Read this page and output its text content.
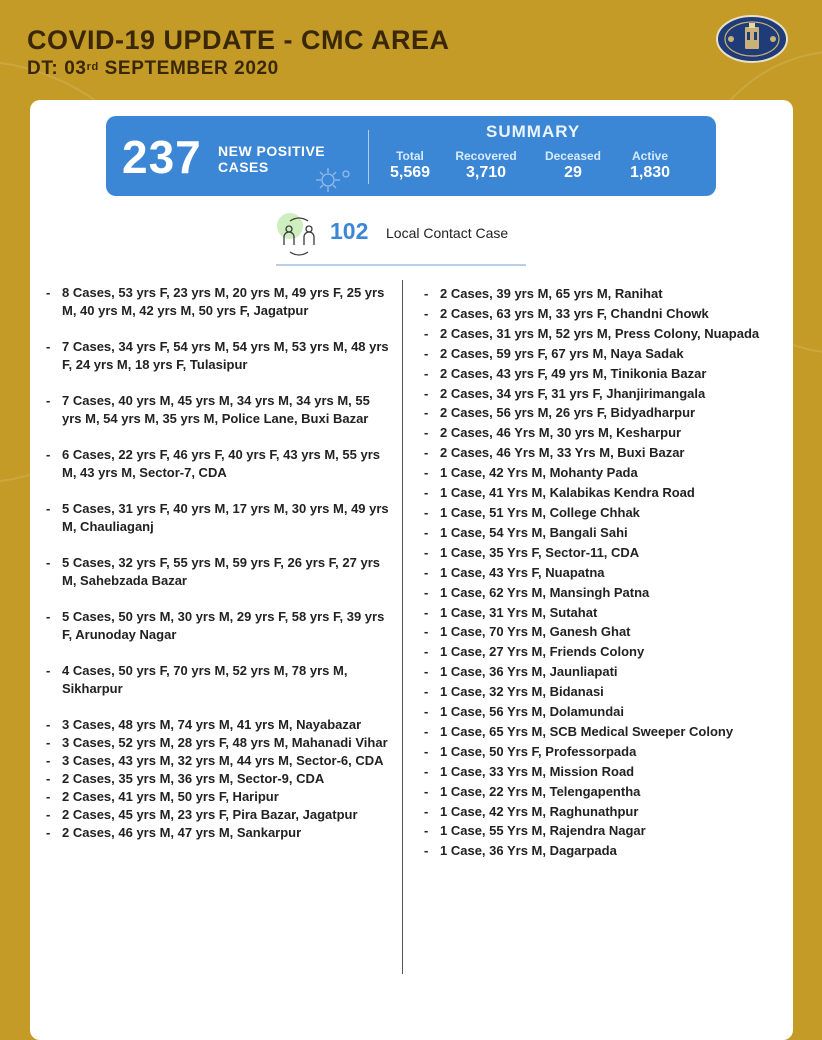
COVID-19 UPDATE - CMC AREA
DT: 03rd SEPTEMBER 2020
237 NEW POSITIVE CASES
SUMMARY
Total
5,569
Recovered
3,710
Deceased
29
Active
1,830
102 Local Contact Case
- 8 Cases, 53 yrs F, 23 yrs M, 20 yrs M, 49 yrs F, 25 yrs M, 40 yrs M, 42 yrs M, 50 yrs F, Jagatpur
- 7 Cases, 34 yrs F, 54 yrs M, 54 yrs M, 53 yrs M, 48 yrs F, 24 yrs M, 18 yrs F, Tulasipur
- 7 Cases, 40 yrs M, 45 yrs M, 34 yrs M, 34 yrs M, 55 yrs M, 54 yrs M, 35 yrs M, Police Lane, Buxi Bazar
- 6 Cases, 22 yrs F, 46 yrs F, 40 yrs F, 43 yrs M, 55 yrs M, 43 yrs M, Sector-7, CDA
- 5 Cases, 31 yrs F, 40 yrs M, 17 yrs M, 30 yrs M, 49 yrs M, Chauliaganj
- 5 Cases, 32 yrs F, 55 yrs M, 59 yrs F, 26 yrs F, 27 yrs M, Sahebzada Bazar
- 5 Cases, 50 yrs M, 30 yrs M, 29 yrs F, 58 yrs F, 39 yrs F, Arunoday Nagar
- 4 Cases, 50 yrs F, 70 yrs M, 52 yrs M, 78 yrs M, Sikharpur
- 3 Cases, 48 yrs M, 74 yrs M, 41 yrs M, Nayabazar
- 3 Cases, 52 yrs M, 28 yrs F, 48 yrs M, Mahanadi Vihar
- 3 Cases, 43 yrs M, 32 yrs M, 44 yrs M, Sector-6, CDA
- 2 Cases, 35 yrs M, 36 yrs M, Sector-9, CDA
- 2 Cases, 41 yrs M, 50 yrs F, Haripur
- 2 Cases, 45 yrs M, 23 yrs F, Pira Bazar, Jagatpur
- 2 Cases, 46 yrs M, 47 yrs M, Sankarpur
- 2 Cases, 39 yrs M, 65 yrs M, Ranihat
- 2 Cases, 63 yrs M, 33 yrs F, Chandni Chowk
- 2 Cases, 31 yrs M, 52 yrs M, Press Colony, Nuapada
- 2 Cases, 59 yrs F, 67 yrs M, Naya Sadak
- 2 Cases, 43 yrs F, 49 yrs M, Tinikonia Bazar
- 2 Cases, 34 yrs F, 31 yrs F, Jhanjirimangala
- 2 Cases, 56 yrs M, 26 yrs F, Bidyadharpur
- 2 Cases, 46 Yrs M, 30 yrs M, Kesharpur
- 2 Cases, 46 Yrs M, 33 Yrs M, Buxi Bazar
- 1 Case, 42 Yrs M, Mohanty Pada
- 1 Case, 41 Yrs M, Kalabikas Kendra Road
- 1 Case, 51 Yrs M, College Chhak
- 1 Case, 54 Yrs M, Bangali Sahi
- 1 Case, 35 Yrs F, Sector-11, CDA
- 1 Case, 43 Yrs F, Nuapatna
- 1 Case, 62 Yrs M, Mansingh Patna
- 1 Case, 31 Yrs M, Sutahat
- 1 Case, 70 Yrs M, Ganesh Ghat
- 1 Case, 27 Yrs M, Friends Colony
- 1 Case, 36 Yrs M, Jaunliapati
- 1 Case, 32 Yrs M, Bidanasi
- 1 Case, 56 Yrs M, Dolamundai
- 1 Case, 65 Yrs M, SCB Medical Sweeper Colony
- 1 Case, 50 Yrs F, Professorpada
- 1 Case, 33 Yrs M, Mission Road
- 1 Case, 22 Yrs M, Telengapentha
- 1 Case, 42 Yrs M, Raghunathpur
- 1 Case, 55 Yrs M, Rajendra Nagar
- 1 Case, 36 Yrs M, Dagarpada
